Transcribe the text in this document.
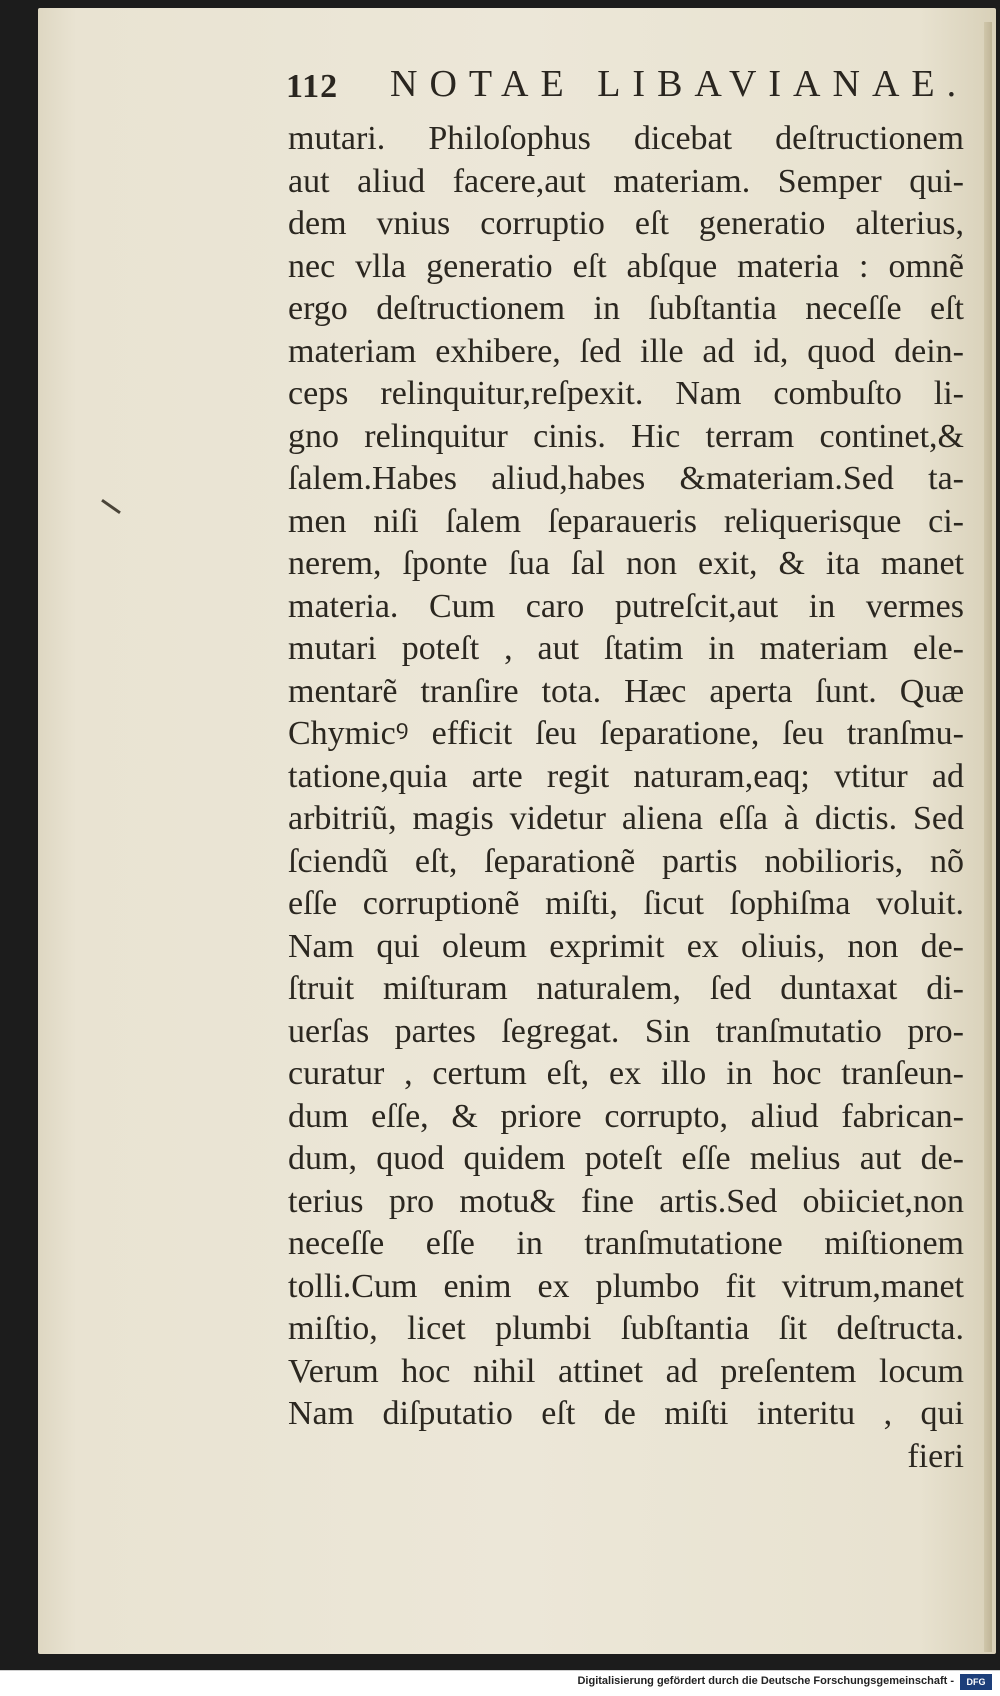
112 NOTAE LIBAVIANAE.
mutari. Philoſophus dicebat deſtructionem
aut aliud facere,aut materiam. Semper qui-
dem vnius corruptio eſt generatio alterius,
nec vlla generatio eſt abſque materia : omnẽ
ergo deſtructionem in ſubſtantia neceſſe eſt
materiam exhibere, ſed ille ad id, quod dein-
ceps relinquitur,reſpexit. Nam combuſto li-
gno relinquitur cinis. Hic terram continet,&
ſalem.Habes aliud,habes &materiam.Sed ta-
men niſi ſalem ſeparaueris reliquerisque ci-
nerem, ſponte ſua ſal non exit, & ita manet
materia. Cum caro putreſcit,aut in vermes
mutari poteſt , aut ſtatim in materiam ele-
mentarẽ tranſire tota. Hæc aperta ſunt. Quæ
Chymicꝰ efficit ſeu ſeparatione, ſeu tranſmu-
tatione,quia arte regit naturam,eaq; vtitur ad
arbitriũ, magis videtur aliena eſſa à dictis. Sed
ſciendũ eſt, ſeparationẽ partis nobilioris, nõ
eſſe corruptionẽ miſti, ſicut ſophiſma voluit.
Nam qui oleum exprimit ex oliuis, non de-
ſtruit miſturam naturalem, ſed duntaxat di-
uerſas partes ſegregat. Sin tranſmutatio pro-
curatur , certum eſt, ex illo in hoc tranſeun-
dum eſſe, & priore corrupto, aliud fabrican-
dum, quod quidem poteſt eſſe melius aut de-
terius pro motu& fine artis.Sed obiiciet,non
neceſſe eſſe in tranſmutatione miſtionem
tolli.Cum enim ex plumbo fit vitrum,manet
miſtio, licet plumbi ſubſtantia ſit deſtructa.
Verum hoc nihil attinet ad preſentem locum
Nam diſputatio eſt de miſti interitu , qui
fieri
Digitalisierung gefördert durch die Deutsche Forschungsgemeinschaft -	DFG
